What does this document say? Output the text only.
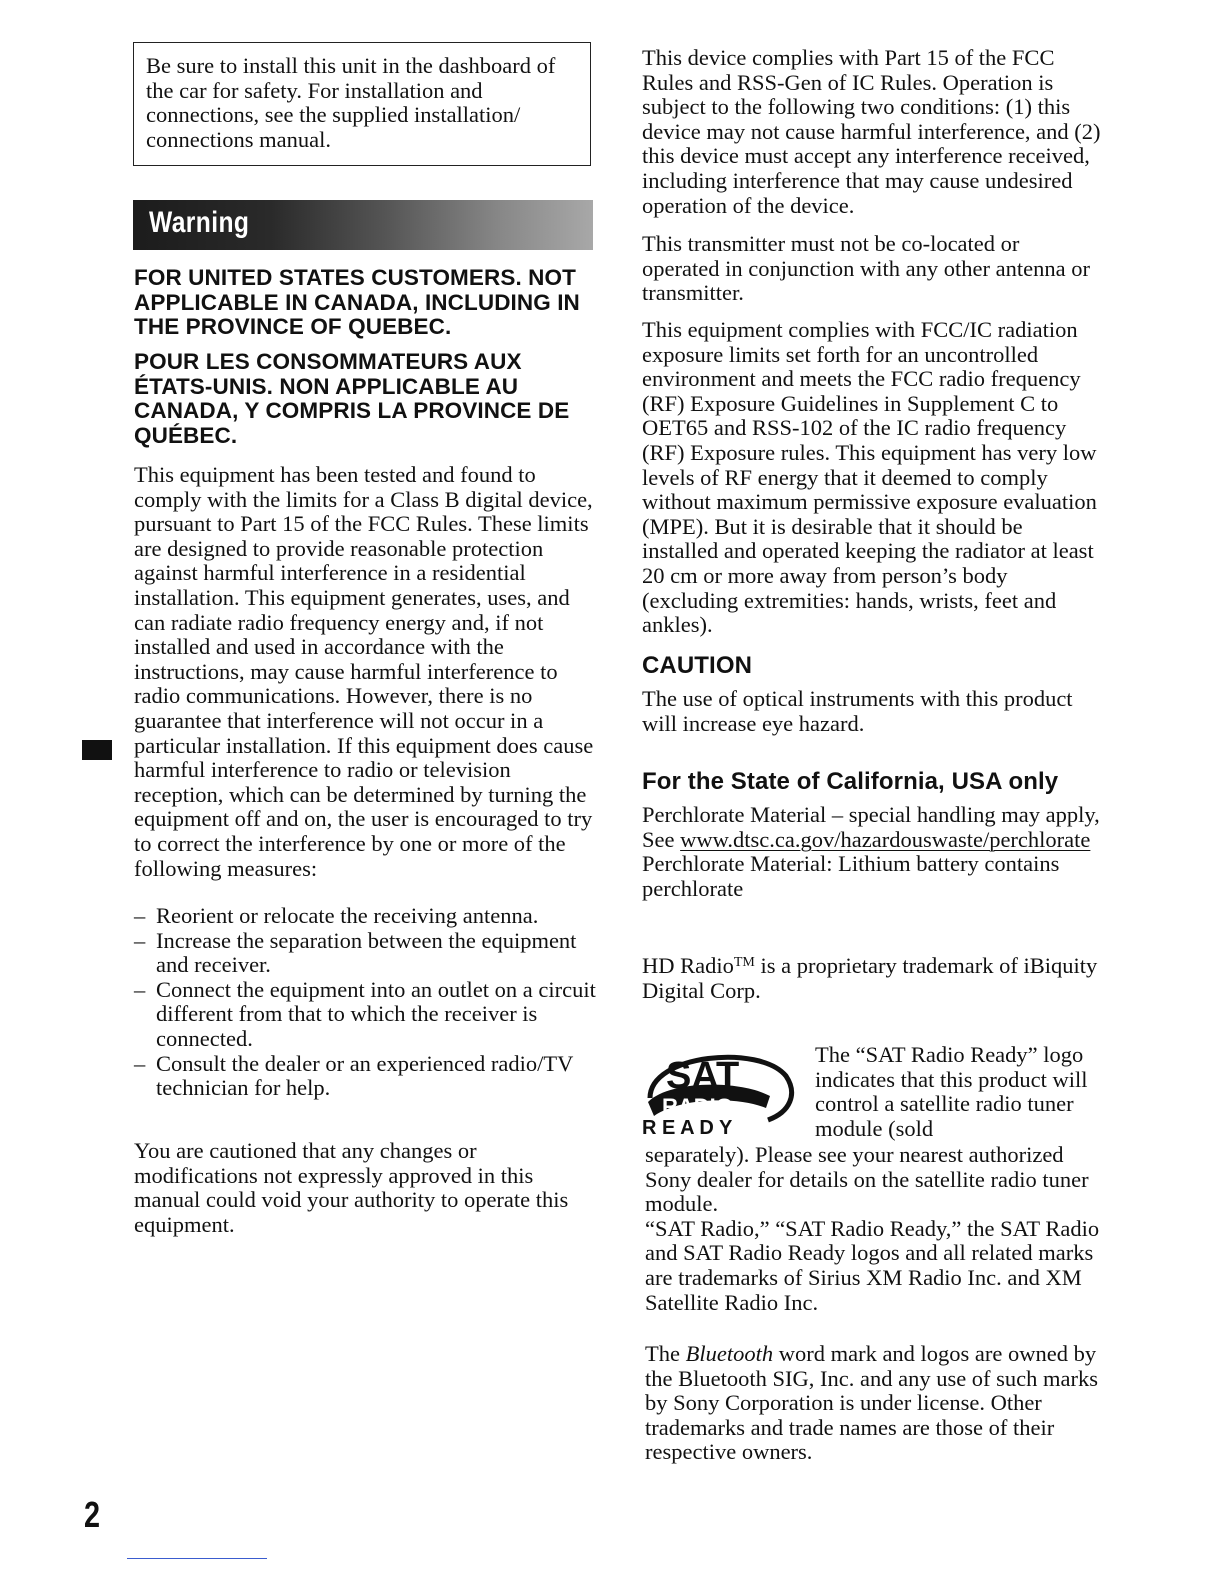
Be sure to install this unit in the dashboard of the car for safety. For installation and connections, see the supplied installation/ connections manual.

Warning

FOR UNITED STATES CUSTOMERS. NOT APPLICABLE IN CANADA, INCLUDING IN THE PROVINCE OF QUEBEC.

POUR LES CONSOMMATEURS AUX ÉTATS-UNIS. NON APPLICABLE AU CANADA, Y COMPRIS LA PROVINCE DE QUÉBEC.

This equipment has been tested and found to comply with the limits for a Class B digital device, pursuant to Part 15 of the FCC Rules. These limits are designed to provide reasonable protection against harmful interference in a residential installation. This equipment generates, uses, and can radiate radio frequency energy and, if not installed and used in accordance with the instructions, may cause harmful interference to radio communications. However, there is no guarantee that interference will not occur in a particular installation. If this equipment does cause harmful interference to radio or television reception, which can be determined by turning the equipment off and on, the user is encouraged to try to correct the interference by one or more of the following measures:

– Reorient or relocate the receiving antenna.
– Increase the separation between the equipment and receiver.
– Connect the equipment into an outlet on a circuit different from that to which the receiver is connected.
– Consult the dealer or an experienced radio/TV technician for help.

You are cautioned that any changes or modifications not expressly approved in this manual could void your authority to operate this equipment.

2

This device complies with Part 15 of the FCC Rules and RSS-Gen of IC Rules. Operation is subject to the following two conditions: (1) this device may not cause harmful interference, and (2) this device must accept any interference received, including interference that may cause undesired operation of the device.

This transmitter must not be co-located or operated in conjunction with any other antenna or transmitter.

This equipment complies with FCC/IC radiation exposure limits set forth for an uncontrolled environment and meets the FCC radio frequency (RF) Exposure Guidelines in Supplement C to OET65 and RSS-102 of the IC radio frequency (RF) Exposure rules. This equipment has very low levels of RF energy that it deemed to comply without maximum permissive exposure evaluation (MPE). But it is desirable that it should be installed and operated keeping the radiator at least 20 cm or more away from person’s body (excluding extremities: hands, wrists, feet and ankles).

CAUTION

The use of optical instruments with this product will increase eye hazard.

For the State of California, USA only

Perchlorate Material – special handling may apply,

See www.dtsc.ca.gov/hazardouswaste/perchlorate

Perchlorate Material: Lithium battery contains perchlorate

HD Radio™ is a proprietary trademark of iBiquity Digital Corp.

SAT
RADIO
R E A D Y

The “SAT Radio Ready” logo indicates that this product will control a satellite radio tuner module (sold

separately). Please see your nearest authorized Sony dealer for details on the satellite radio tuner module.

“SAT Radio,” “SAT Radio Ready,” the SAT Radio and SAT Radio Ready logos and all related marks are trademarks of Sirius XM Radio Inc. and XM Satellite Radio Inc.

The Bluetooth word mark and logos are owned by the Bluetooth SIG, Inc. and any use of such marks by Sony Corporation is under license. Other trademarks and trade names are those of their respective owners.
